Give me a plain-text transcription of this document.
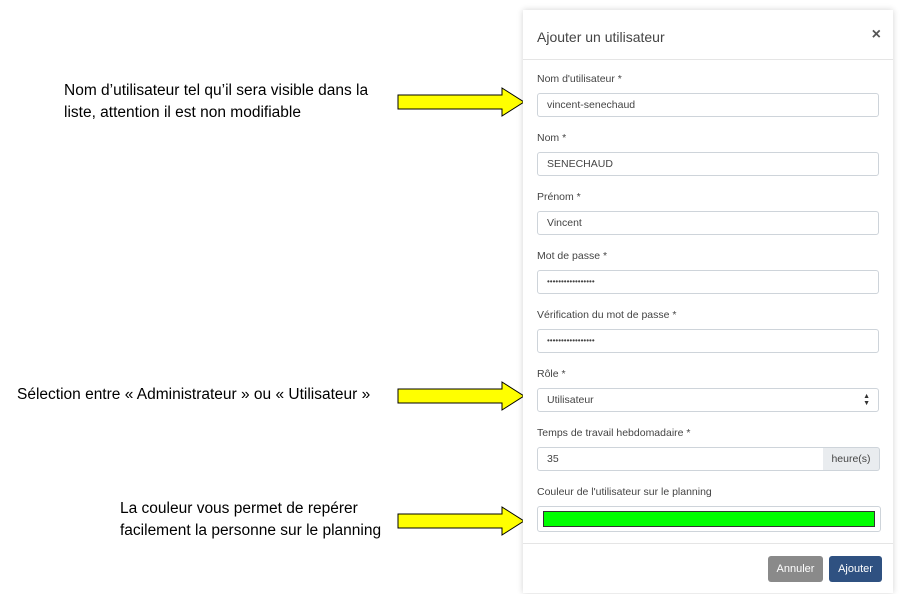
Nom d’utilisateur tel qu’il sera visible dans la
liste, attention il est non modifiable
Sélection entre « Administrateur » ou « Utilisateur »
La couleur vous permet de repérer
facilement la personne sur le planning
Ajouter un utilisateur	×
Nom d'utilisateur *
vincent-senechaud
Nom *
SENECHAUD
Prénom *
Vincent
Mot de passe *
•••••••••••••••••
Vérification du mot de passe *
•••••••••••••••••
Rôle *
Utilisateur	▲
▼
Temps de travail hebdomadaire *
35	heure(s)
Couleur de l'utilisateur sur le planning
Annuler	Ajouter
